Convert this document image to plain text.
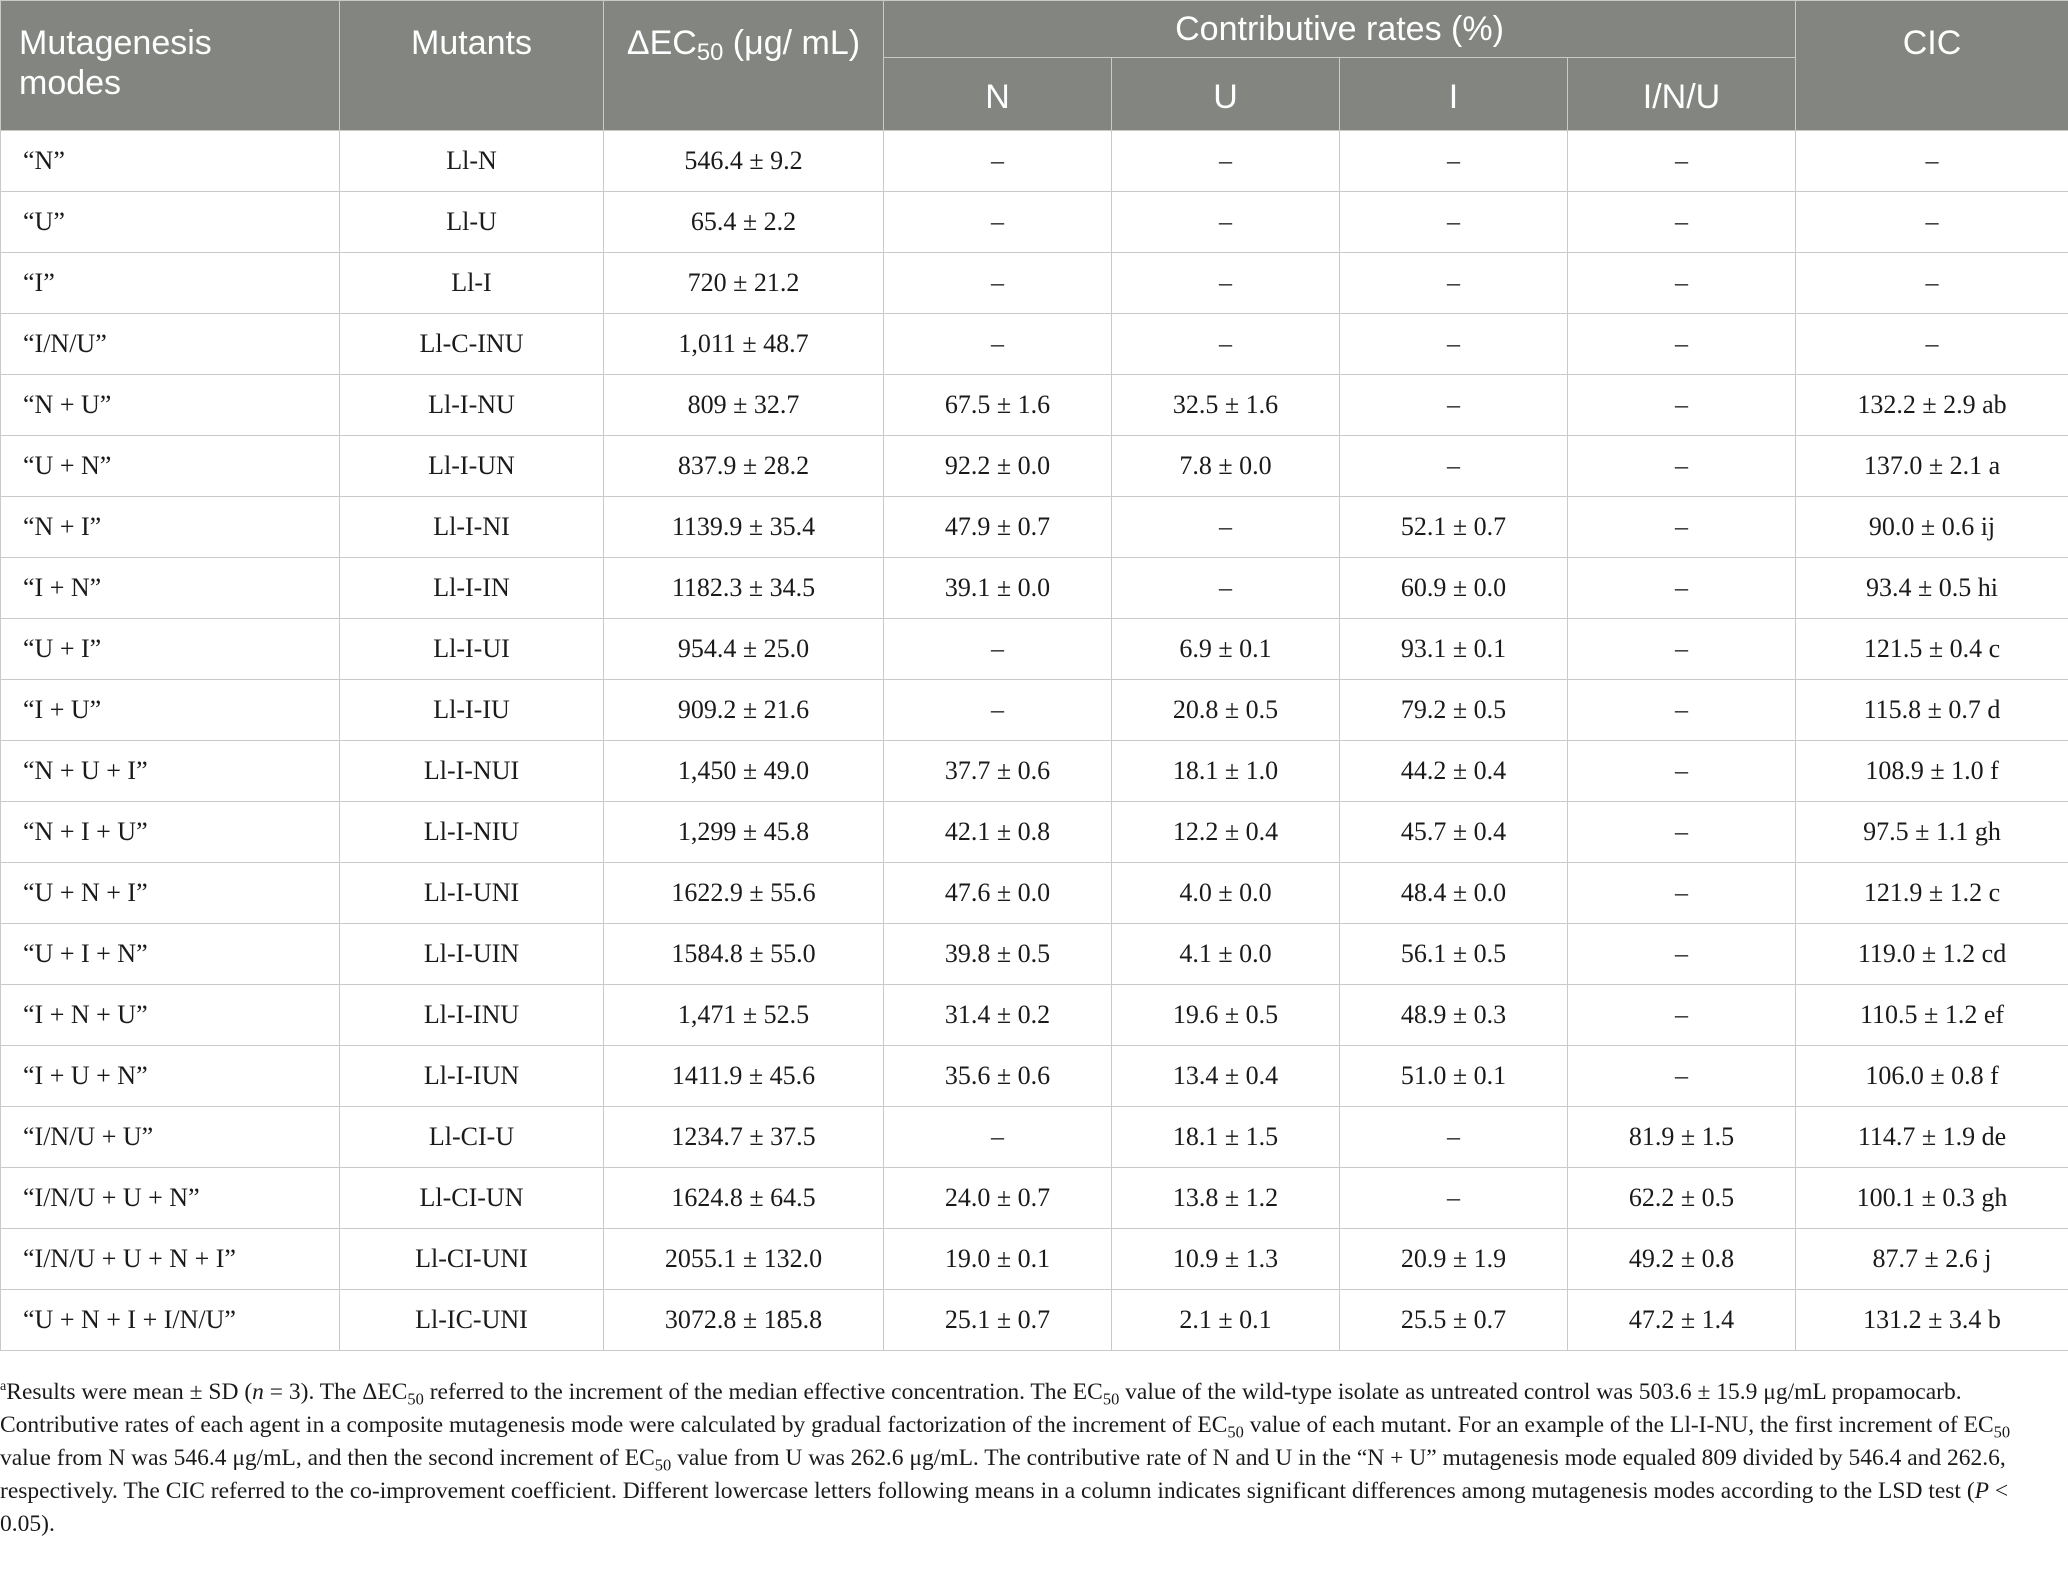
Mutagenesis modes	Mutants	$\Delta EC_{50}$ (μg/ mL)	Contributive rates (%)				CIC
			N	U	I	I/N/U	
“N”	Ll-N	546.4 ± 9.2	–	–	–	–	–
“U”	Ll-U	65.4 ± 2.2	–	–	–	–	–
“I”	Ll-I	720 ± 21.2	–	–	–	–	–
“I/N/U”	Ll-C-INU	1,011 ± 48.7	–	–	–	–	–
“N + U”	Ll-I-NU	809 ± 32.7	67.5 ± 1.6	32.5 ± 1.6	–	–	132.2 ± 2.9 ab
“U + N”	Ll-I-UN	837.9 ± 28.2	92.2 ± 0.0	7.8 ± 0.0	–	–	137.0 ± 2.1 a
“N + I”	Ll-I-NI	1139.9 ± 35.4	47.9 ± 0.7	–	52.1 ± 0.7	–	90.0 ± 0.6 ij
“I + N”	Ll-I-IN	1182.3 ± 34.5	39.1 ± 0.0	–	60.9 ± 0.0	–	93.4 ± 0.5 hi
“U + I”	Ll-I-UI	954.4 ± 25.0	–	6.9 ± 0.1	93.1 ± 0.1	–	121.5 ± 0.4 c
“I + U”	Ll-I-IU	909.2 ± 21.6	–	20.8 ± 0.5	79.2 ± 0.5	–	115.8 ± 0.7 d
“N + U + I”	Ll-I-NUI	1,450 ± 49.0	37.7 ± 0.6	18.1 ± 1.0	44.2 ± 0.4	–	108.9 ± 1.0 f
“N + I + U”	Ll-I-NIU	1,299 ± 45.8	42.1 ± 0.8	12.2 ± 0.4	45.7 ± 0.4	–	97.5 ± 1.1 gh
“U + N + I”	Ll-I-UNI	1622.9 ± 55.6	47.6 ± 0.0	4.0 ± 0.0	48.4 ± 0.0	–	121.9 ± 1.2 c
“U + I + N”	Ll-I-UIN	1584.8 ± 55.0	39.8 ± 0.5	4.1 ± 0.0	56.1 ± 0.5	–	119.0 ± 1.2 cd
“I + N + U”	Ll-I-INU	1,471 ± 52.5	31.4 ± 0.2	19.6 ± 0.5	48.9 ± 0.3	–	110.5 ± 1.2 ef
“I + U + N”	Ll-I-IUN	1411.9 ± 45.6	35.6 ± 0.6	13.4 ± 0.4	51.0 ± 0.1	–	106.0 ± 0.8 f
“I/N/U + U”	Ll-CI-U	1234.7 ± 37.5	–	18.1 ± 1.5	–	81.9 ± 1.5	114.7 ± 1.9 de
“I/N/U + U + N”	Ll-CI-UN	1624.8 ± 64.5	24.0 ± 0.7	13.8 ± 1.2	–	62.2 ± 0.5	100.1 ± 0.3 gh
“I/N/U + U + N + I”	Ll-CI-UNI	2055.1 ± 132.0	19.0 ± 0.1	10.9 ± 1.3	20.9 ± 1.9	49.2 ± 0.8	87.7 ± 2.6 j
“U + N + I + I/N/U”	Ll-IC-UNI	3072.8 ± 185.8	25.1 ± 0.7	2.1 ± 0.1	25.5 ± 0.7	47.2 ± 1.4	131.2 ± 3.4 b
$^a$Results were mean ± SD (n = 3). The $\Delta EC_{50}$ referred to the increment of the median effective concentration. The $EC_{50}$ value of the wild-type isolate as untreated control was 503.6 ± 15.9 μg/mL propamocarb. Contributive rates of each agent in a composite mutagenesis mode were calculated by gradual factorization of the increment of $EC_{50}$ value of each mutant. For an example of the Ll-I-NU, the first increment of $EC_{50}$ value from N was 546.4 μg/mL, and then the second increment of $EC_{50}$ value from U was 262.6 μg/mL. The contributive rate of N and U in the “N + U” mutagenesis mode equaled 809 divided by 546.4 and 262.6, respectively. The CIC referred to the co-improvement coefficient. Different lowercase letters following means in a column indicates significant differences among mutagenesis modes according to the LSD test (P < 0.05).
